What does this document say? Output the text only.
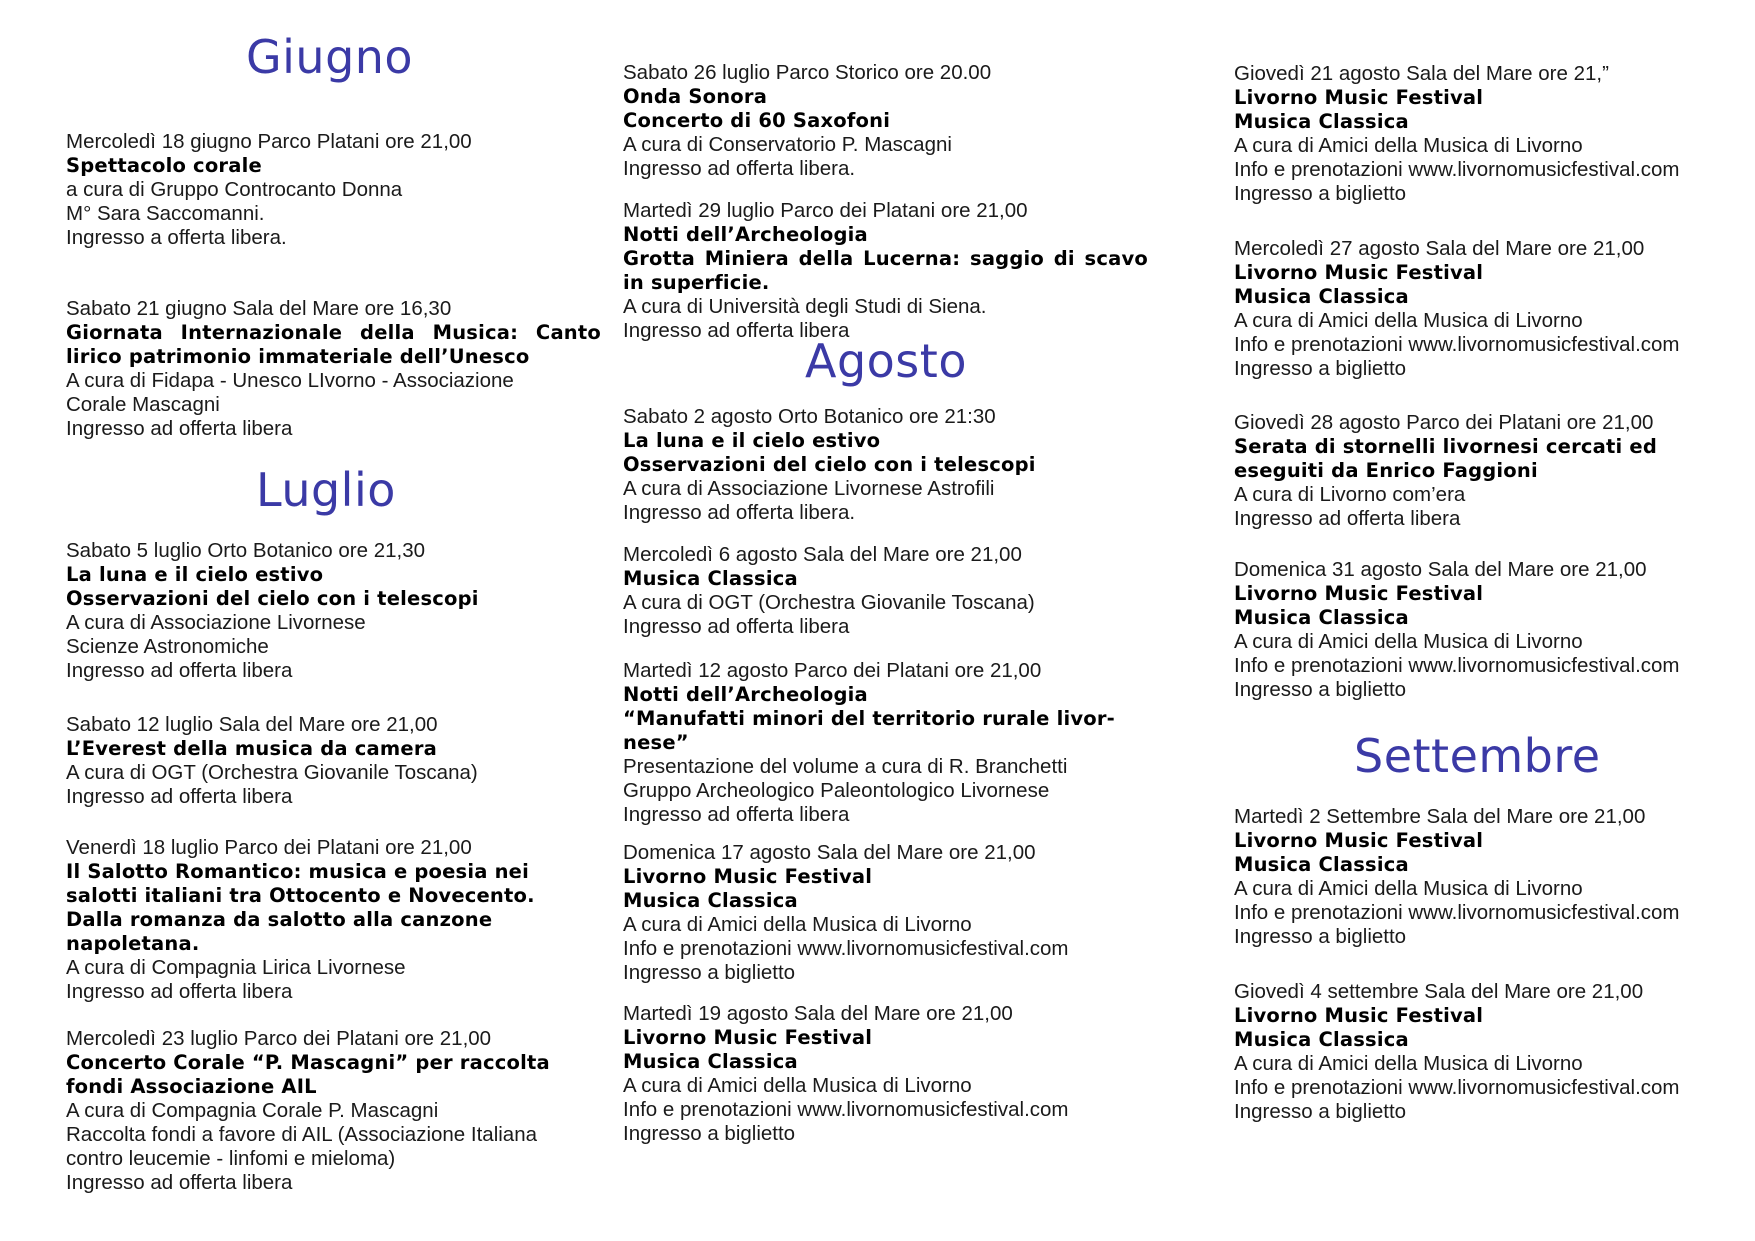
Giugno

Mercoledì 18 giugno Parco Platani ore 21,00

Spettacolo corale

a cura di Gruppo Controcanto Donna

M° Sara Saccomanni.

Ingresso a offerta libera.

Sabato 21 giugno Sala del Mare ore 16,30

Giornata Internazionale della Musica: Canto lirico patrimonio immateriale dell’Unesco

A cura di Fidapa - Unesco LIvorno - Associazione Corale Mascagni

Ingresso ad offerta libera

Luglio

Sabato 5 luglio Orto Botanico ore 21,30

La luna e il cielo estivo

Osservazioni del cielo con i telescopi

A cura di Associazione Livornese

Scienze Astronomiche

Ingresso ad offerta libera

Sabato 12 luglio Sala del Mare ore 21,00

L’Everest della musica da camera

A cura di OGT (Orchestra Giovanile Toscana)

Ingresso ad offerta libera

Venerdì 18 luglio Parco dei Platani ore 21,00

Il Salotto Romantico: musica e poesia nei salotti italiani tra Ottocento e Novecento. Dalla romanza da salotto alla canzone napoletana.

A cura di Compagnia Lirica Livornese

Ingresso ad offerta libera

Mercoledì 23 luglio Parco dei Platani ore 21,00

Concerto Corale “P. Mascagni” per raccolta fondi Associazione AIL

A cura di Compagnia Corale P. Mascagni

Raccolta fondi a favore di AIL (Associazione Italiana contro leucemie - linfomi e mieloma)

Ingresso ad offerta libera

Sabato 26 luglio Parco Storico ore 20.00

Onda Sonora

Concerto di 60 Saxofoni

A cura di Conservatorio P. Mascagni

Ingresso ad offerta libera.

Martedì 29 luglio Parco dei Platani ore 21,00

Notti dell’Archeologia

Grotta Miniera della Lucerna: saggio di scavo in superficie.

A cura di Università degli Studi di Siena.

Ingresso ad offerta libera

Agosto

Sabato 2 agosto Orto Botanico ore 21:30

La luna e il cielo estivo

Osservazioni del cielo con i telescopi

A cura di Associazione Livornese Astrofili

Ingresso ad offerta libera.

Mercoledì 6 agosto Sala del Mare ore 21,00

Musica Classica

A cura di OGT (Orchestra Giovanile Toscana)

Ingresso ad offerta libera

Martedì 12 agosto Parco dei Platani ore 21,00

Notti dell’Archeologia

“Manufatti minori del territorio rurale livor-nese”

Presentazione del volume a cura di R. Branchetti

Gruppo Archeologico Paleontologico Livornese

Ingresso ad offerta libera

Domenica 17 agosto Sala del Mare ore 21,00

Livorno Music Festival

Musica Classica

A cura di Amici della Musica di Livorno

Info e prenotazioni www.livornomusicfestival.com

Ingresso a biglietto

Martedì 19 agosto Sala del Mare ore 21,00

Livorno Music Festival

Musica Classica

A cura di Amici della Musica di Livorno

Info e prenotazioni www.livornomusicfestival.com

Ingresso a biglietto

Giovedì 21 agosto Sala del Mare ore 21,”

Livorno Music Festival

Musica Classica

A cura di Amici della Musica di Livorno

Info e prenotazioni www.livornomusicfestival.com

Ingresso a biglietto

Mercoledì 27 agosto Sala del Mare ore 21,00

Livorno Music Festival

Musica Classica

A cura di Amici della Musica di Livorno

Info e prenotazioni www.livornomusicfestival.com

Ingresso a biglietto

Giovedì 28 agosto Parco dei Platani ore 21,00

Serata di stornelli livornesi cercati ed eseguiti da Enrico Faggioni

A cura di Livorno com’era

Ingresso ad offerta libera

Domenica 31 agosto Sala del Mare ore 21,00

Livorno Music Festival

Musica Classica

A cura di Amici della Musica di Livorno

Info e prenotazioni www.livornomusicfestival.com

Ingresso a biglietto

Settembre

Martedì 2 Settembre Sala del Mare ore 21,00

Livorno Music Festival

Musica Classica

A cura di Amici della Musica di Livorno

Info e prenotazioni www.livornomusicfestival.com

Ingresso a biglietto

Giovedì 4 settembre Sala del Mare ore 21,00

Livorno Music Festival

Musica Classica

A cura di Amici della Musica di Livorno

Info e prenotazioni www.livornomusicfestival.com

Ingresso a biglietto
